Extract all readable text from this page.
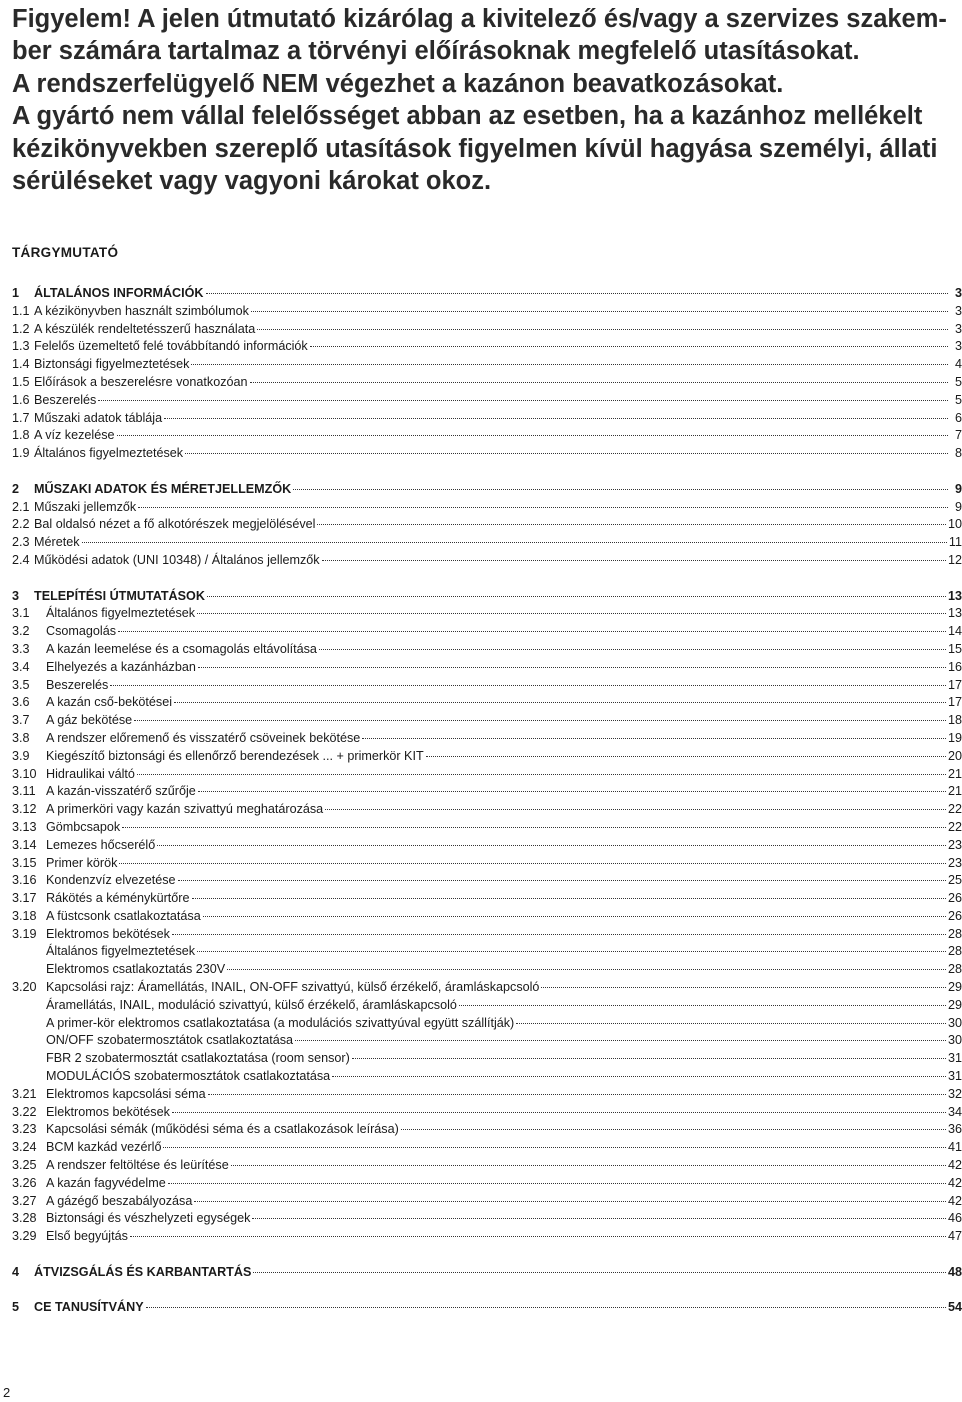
Figyelem! A jelen útmutató kizárólag a kivitelező és/vagy a szervizes szakem-
ber számára tartalmaz a törvényi előírásoknak megfelelő utasításokat.
A rendszerfelügyelő NEM végezhet a kazánon beavatkozásokat.
A gyártó nem vállal felelősséget abban az esetben, ha a kazánhoz mellékelt
kézikönyvekben szereplő utasítások figyelmen kívül hagyása személyi, állati
sérüléseket vagy vagyoni károkat okoz.
TÁRGYMUTATÓ
1	ÁLTALÁNOS INFORMÁCIÓK	3
1.1 A kézikönyvben használt szimbólumok	3
1.2 A készülék rendeltetésszerű használata	3
1.3 Felelős üzemeltető felé továbbítandó információk	3
1.4 Biztonsági figyelmeztetések	4
1.5 Előírások a beszerelésre vonatkozóan	5
1.6 Beszerelés	5
1.7 Műszaki adatok táblája	6
1.8 A víz kezelése	7
1.9 Általános figyelmeztetések	8
2	MŰSZAKI ADATOK ÉS MÉRETJELLEMZŐK	9
2.1 Műszaki jellemzők	9
2.2 Bal oldalsó nézet a fő alkotórészek megjelölésével	10
2.3 Méretek	11
2.4 Működési adatok (UNI 10348) / Általános jellemzők	12
3	TELEPÍTÉSI ÚTMUTATÁSOK	13
3.1	Általános figyelmeztetések	13
3.2	Csomagolás	14
3.3	A kazán leemelése és a csomagolás eltávolítása	15
3.4	Elhelyezés a kazánházban	16
3.5	Beszerelés	17
3.6	A kazán cső-bekötései	17
3.7	A gáz bekötése	18
3.8	A rendszer előremenő és visszatérő csöveinek bekötése	19
3.9	Kiegészítő biztonsági és ellenőrző berendezések ... + primerkör KIT	20
3.10 Hidraulikai váltó	21
3.11 A kazán-visszatérő szűrője	21
3.12 A primerköri vagy kazán szivattyú meghatározása	22
3.13 Gömbcsapok	22
3.14 Lemezes hőcserélő	23
3.15 Primer körök	23
3.16 Kondenzvíz elvezetése	25
3.17 Rákötés a kéménykürtőre	26
3.18 A füstcsonk csatlakoztatása	26
3.19 Elektromos bekötések	28
Általános figyelmeztetések	28
Elektromos csatlakoztatás 230V	28
3.20 Kapcsolási rajz: Áramellátás, INAIL, ON-OFF szivattyú, külső érzékelő, áramláskapcsoló	29
Áramellátás, INAIL, moduláció szivattyú, külső érzékelő, áramláskapcsoló	29
A primer-kör elektromos csatlakoztatása (a modulációs szivattyúval együtt szállítják)	30
ON/OFF szobatermosztátok csatlakoztatása	30
FBR 2 szobatermosztát csatlakoztatása (room sensor)	31
MODULÁCIÓS szobatermosztátok csatlakoztatása	31
3.21 Elektromos kapcsolási séma	32
3.22 Elektromos bekötések	34
3.23 Kapcsolási sémák (működési séma és a csatlakozások leírása)	36
3.24 BCM kazkád vezérlő	41
3.25 A rendszer feltöltése és leürítése	42
3.26 A kazán fagyvédelme	42
3.27 A gázégő beszabályozása	42
3.28 Biztonsági és vészhelyzeti egységek	46
3.29 Első begyújtás	47
4	ÁTVIZSGÁLÁS ÉS KARBANTARTÁS	48
5	CE TANUSÍTVÁNY	54
2
